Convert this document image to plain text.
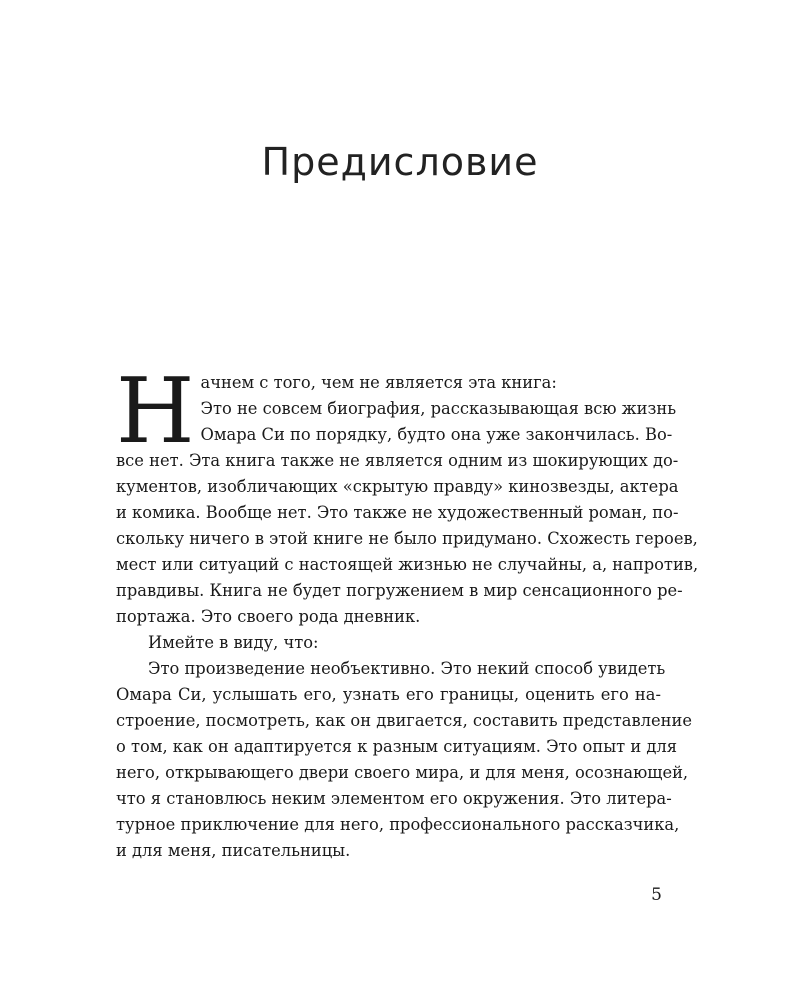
Предисловие

Н ачнем с того, чем не является эта книга:
Это не совсем биография, рассказывающая всю жизнь
Омара Си по порядку, будто она уже закончилась. Во-
все нет. Эта книга также не является одним из шокирующих до-
кументов, изобличающих «скрытую правду» кинозвезды, актера
и комика. Вообще нет. Это также не художественный роман, по-
скольку ничего в этой книге не было придумано. Схожесть героев,
мест или ситуаций с настоящей жизнью не случайны, а, напротив,
правдивы. Книга не будет погружением в мир сенсационного ре-
портажа. Это своего рода дневник.

Имейте в виду, что:

Это произведение необъективно. Это некий способ увидеть
Омара Си, услышать его, узнать его границы, оценить его на-
строение, посмотреть, как он двигается, составить представление
о том, как он адаптируется к разным ситуациям. Это опыт и для
него, открывающего двери своего мира, и для меня, осознающей,
что я становлюсь неким элементом его окружения. Это литера-
турное приключение для него, профессионального рассказчика,
и для меня, писательницы.

5
